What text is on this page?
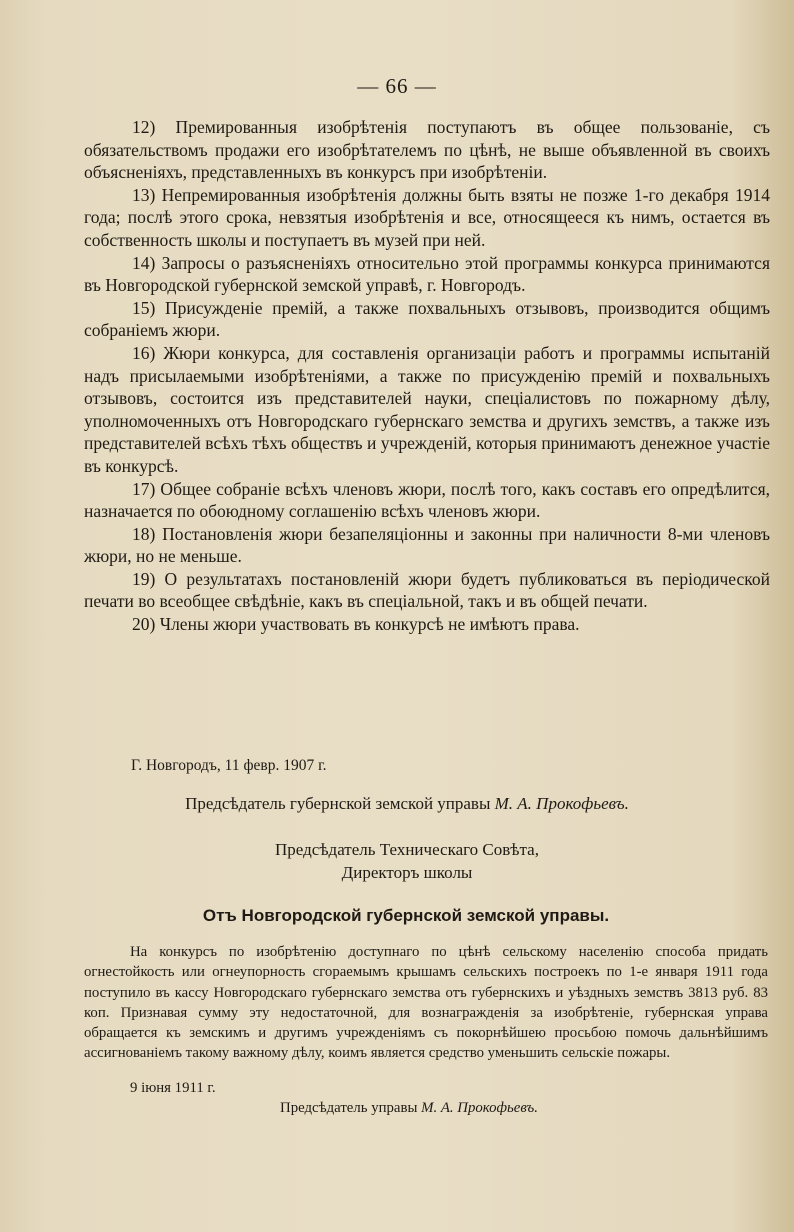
— 66 —

12) Премированныя изобрѣтенія поступаютъ въ общее пользованіе, съ обязательствомъ продажи его изобрѣтателемъ по цѣнѣ, не выше объявленной въ своихъ объясненіяхъ, представленныхъ въ конкурсъ при изобрѣтеніи.

13) Непремированныя изобрѣтенія должны быть взяты не позже 1-го декабря 1914 года; послѣ этого срока, невзятыя изобрѣтенія и все, относящееся къ нимъ, остается въ собственность школы и поступаетъ въ музей при ней.

14) Запросы о разъясненіяхъ относительно этой программы конкурса принимаются въ Новгородской губернской земской управѣ, г. Новгородъ.

15) Присужденіе премій, а также похвальныхъ отзывовъ, производится общимъ собраніемъ жюри.

16) Жюри конкурса, для составленія организаціи работъ и программы испытаній надъ присылаемыми изобрѣтеніями, а также по присужденію премій и похвальныхъ отзывовъ, состоится изъ представителей науки, спеціалистовъ по пожарному дѣлу, уполномоченныхъ отъ Новгородскаго губернскаго земства и другихъ земствъ, а также изъ представителей всѣхъ тѣхъ обществъ и учрежденій, которыя принимаютъ денежное участіе въ конкурсѣ.

17) Общее собраніе всѣхъ членовъ жюри, послѣ того, какъ составъ его опредѣлится, назначается по обоюдному соглашенію всѣхъ членовъ жюри.

18) Постановленія жюри безапеляціонны и законны при наличности 8-ми членовъ жюри, но не меньше.

19) О результатахъ постановленій жюри будетъ публиковаться въ періодической печати во всеобщее свѣдѣніе, какъ въ спеціальной, такъ и въ общей печати.

20) Члены жюри участвовать въ конкурсѣ не имѣютъ права.

Г. Новгородъ, 11 февр. 1907 г.
Предсѣдатель губернской земской управы М. А. Прокофьевъ.
Предсѣдатель Техническаго Совѣта,
Директоръ школы
Отъ Новгородской губернской земской управы.

На конкурсъ по изобрѣтенію доступнаго по цѣнѣ сельскому населенію способа придать огнестойкость или огнеупорность сгораемымъ крышамъ сельскихъ построекъ по 1-е января 1911 года поступило въ кассу Новгородскаго губернскаго земства отъ губернскихъ и уѣздныхъ земствъ 3813 руб. 83 коп. Признавая сумму эту недостаточной, для вознагражденія за изобрѣтеніе, губернская управа обращается къ земскимъ и другимъ учрежденіямъ съ покорнѣйшею просьбою помочь дальнѣйшимъ ассигнованіемъ такому важному дѣлу, коимъ является средство уменьшить сельскіе пожары.

9 іюня 1911 г.
Предсѣдатель управы М. А. Прокофьевъ.
